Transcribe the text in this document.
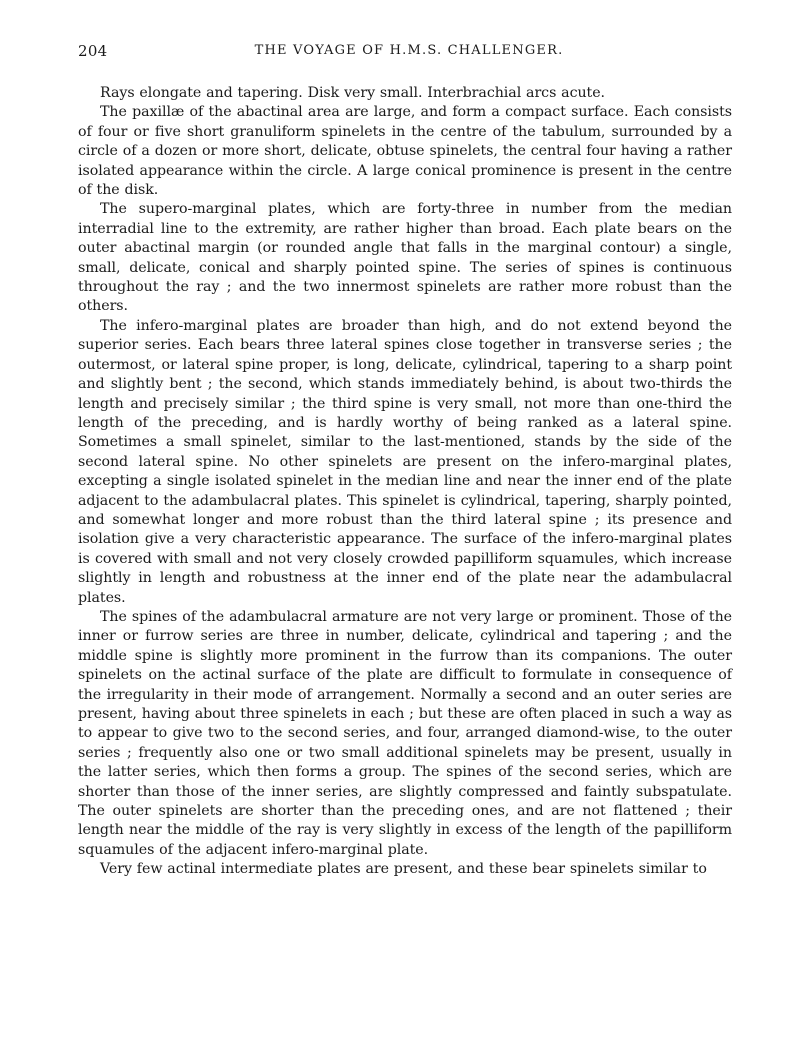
204	THE VOYAGE OF H.M.S. CHALLENGER.

Rays elongate and tapering. Disk very small. Interbrachial arcs acute.

The paxillæ of the abactinal area are large, and form a compact surface. Each consists of four or five short granuliform spinelets in the centre of the tabulum, surrounded by a circle of a dozen or more short, delicate, obtuse spinelets, the central four having a rather isolated appearance within the circle. A large conical prominence is present in the centre of the disk.

The supero-marginal plates, which are forty-three in number from the median interradial line to the extremity, are rather higher than broad. Each plate bears on the outer abactinal margin (or rounded angle that falls in the marginal contour) a single, small, delicate, conical and sharply pointed spine. The series of spines is continuous throughout the ray ; and the two innermost spinelets are rather more robust than the others.

The infero-marginal plates are broader than high, and do not extend beyond the superior series. Each bears three lateral spines close together in transverse series ; the outermost, or lateral spine proper, is long, delicate, cylindrical, tapering to a sharp point and slightly bent ; the second, which stands immediately behind, is about two-thirds the length and precisely similar ; the third spine is very small, not more than one-third the length of the preceding, and is hardly worthy of being ranked as a lateral spine. Sometimes a small spinelet, similar to the last-mentioned, stands by the side of the second lateral spine. No other spinelets are present on the infero-marginal plates, excepting a single isolated spinelet in the median line and near the inner end of the plate adjacent to the adambulacral plates. This spinelet is cylindrical, tapering, sharply pointed, and somewhat longer and more robust than the third lateral spine ; its presence and isolation give a very characteristic appearance. The surface of the infero-marginal plates is covered with small and not very closely crowded papilliform squamules, which increase slightly in length and robustness at the inner end of the plate near the adambulacral plates.

The spines of the adambulacral armature are not very large or prominent. Those of the inner or furrow series are three in number, delicate, cylindrical and tapering ; and the middle spine is slightly more prominent in the furrow than its companions. The outer spinelets on the actinal surface of the plate are difficult to formulate in consequence of the irregularity in their mode of arrangement. Normally a second and an outer series are present, having about three spinelets in each ; but these are often placed in such a way as to appear to give two to the second series, and four, arranged diamond-wise, to the outer series ; frequently also one or two small additional spinelets may be present, usually in the latter series, which then forms a group. The spines of the second series, which are shorter than those of the inner series, are slightly compressed and faintly subspatulate. The outer spinelets are shorter than the preceding ones, and are not flattened ; their length near the middle of the ray is very slightly in excess of the length of the papilliform squamules of the adjacent infero-marginal plate.

Very few actinal intermediate plates are present, and these bear spinelets similar to
